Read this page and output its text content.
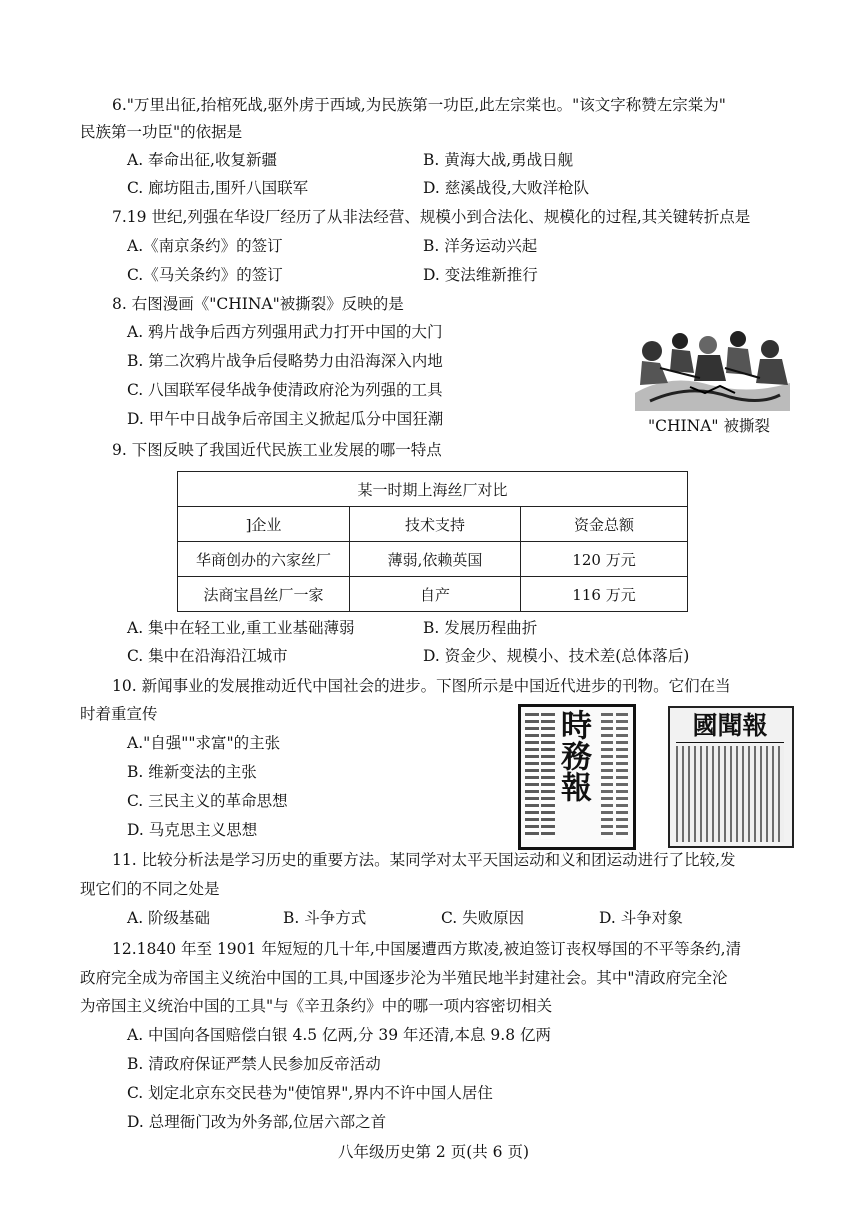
6."万里出征,抬棺死战,驱外虏于西域,为民族第一功臣,此左宗棠也。"该文字称赞左宗棠为"
民族第一功臣"的依据是
A. 奉命出征,收复新疆	B. 黄海大战,勇战日舰
C. 廊坊阻击,围歼八国联军	D. 慈溪战役,大败洋枪队
7.19 世纪,列强在华设厂经历了从非法经营、规模小到合法化、规模化的过程,其关键转折点是
A.《南京条约》的签订	B. 洋务运动兴起
C.《马关条约》的签订	D. 变法维新推行
8. 右图漫画《"CHINA"被撕裂》反映的是
A. 鸦片战争后西方列强用武力打开中国的大门
B. 第二次鸦片战争后侵略势力由沿海深入内地
C. 八国联军侵华战争使清政府沦为列强的工具
D. 甲午中日战争后帝国主义掀起瓜分中国狂潮	"CHINA" 被撕裂
9. 下图反映了我国近代民族工业发展的哪一特点
某一时期上海丝厂对比		
]企业	技术支持	资金总额
华商创办的六家丝厂	薄弱,依赖英国	120 万元
法商宝昌丝厂一家	自产	116 万元
A. 集中在轻工业,重工业基础薄弱	B. 发展历程曲折
C. 集中在沿海沿江城市	D. 资金少、规模小、技术差(总体落后)
10. 新闻事业的发展推动近代中国社会的进步。下图所示是中国近代进步的刊物。它们在当
时着重宣传
A."自强""求富"的主张
B. 维新变法的主张
C. 三民主义的革命思想
D. 马克思主义思想
時務報	國聞報
11. 比较分析法是学习历史的重要方法。某同学对太平天国运动和义和团运动进行了比较,发
现它们的不同之处是
A. 阶级基础	B. 斗争方式	C. 失败原因	D. 斗争对象
12.1840 年至 1901 年短短的几十年,中国屡遭西方欺凌,被迫签订丧权辱国的不平等条约,清
政府完全成为帝国主义统治中国的工具,中国逐步沦为半殖民地半封建社会。其中"清政府完全沦
为帝国主义统治中国的工具"与《辛丑条约》中的哪一项内容密切相关
A. 中国向各国赔偿白银 4.5 亿两,分 39 年还清,本息 9.8 亿两
B. 清政府保证严禁人民参加反帝活动
C. 划定北京东交民巷为"使馆界",界内不许中国人居住
D. 总理衙门改为外务部,位居六部之首
八年级历史第 2 页(共 6 页)
